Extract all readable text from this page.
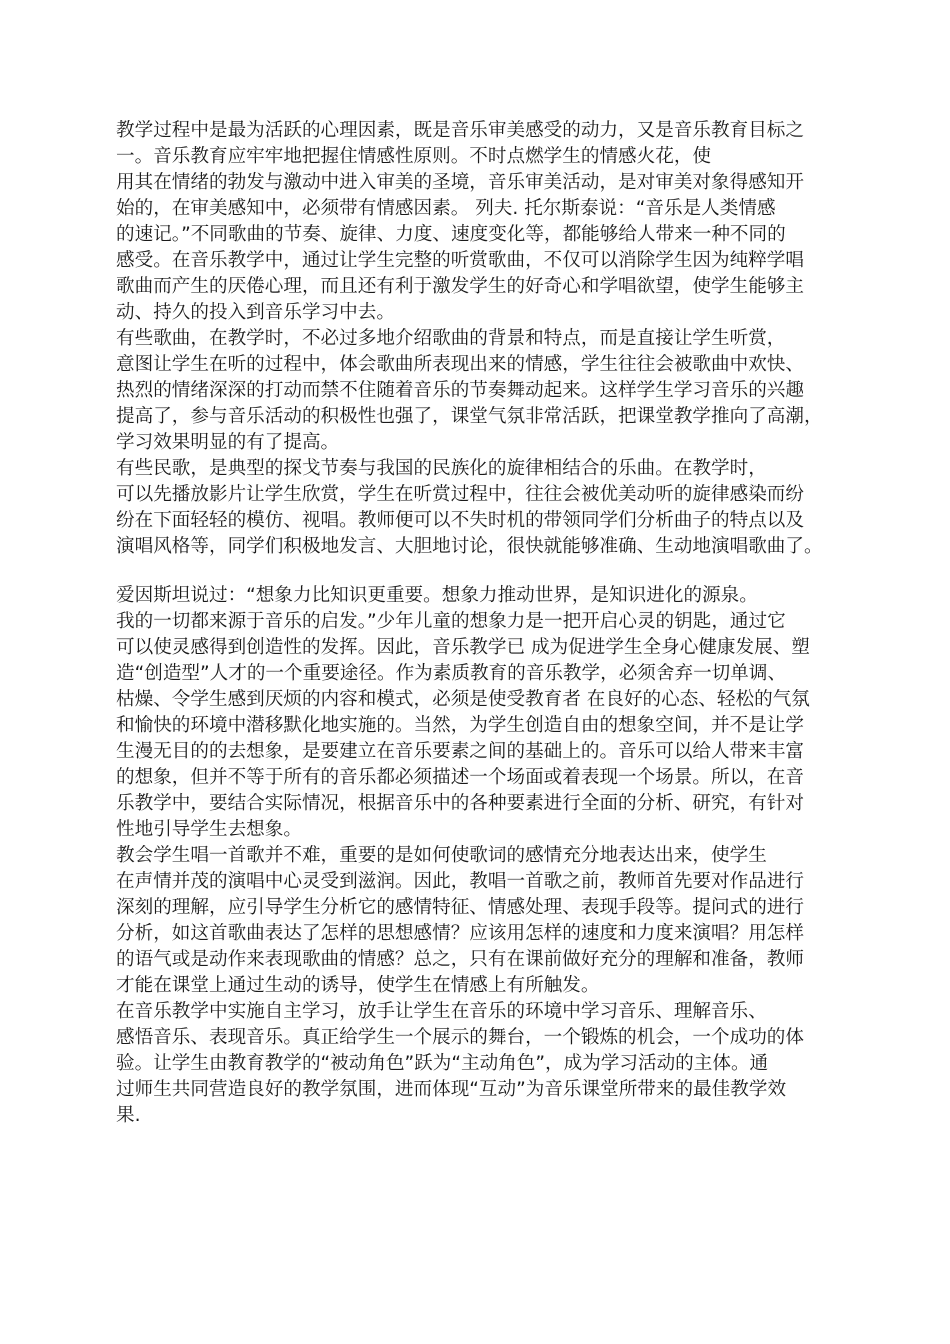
教学过程中是最为活跃的心理因素，既是音乐审美感受的动力，又是音乐教育目标之
一。音乐教育应牢牢地把握住情感性原则。不时点燃学生的情感火花，使
用其在情绪的勃发与激动中进入审美的圣境，音乐审美活动，是对审美对象得感知开
始的，在审美感知中，必须带有情感因素。 列夫. 托尔斯泰说：“音乐是人类情感
的速记。”不同歌曲的节奏、旋律、力度、速度变化等，都能够给人带来一种不同的
感受。在音乐教学中，通过让学生完整的听赏歌曲，不仅可以消除学生因为纯粹学唱
歌曲而产生的厌倦心理，而且还有利于激发学生的好奇心和学唱欲望，使学生能够主
动、持久的投入到音乐学习中去。
有些歌曲，在教学时，不必过多地介绍歌曲的背景和特点，而是直接让学生听赏，
意图让学生在听的过程中，体会歌曲所表现出来的情感，学生往往会被歌曲中欢快、
热烈的情绪深深的打动而禁不住随着音乐的节奏舞动起来。这样学生学习音乐的兴趣
提高了，参与音乐活动的积极性也强了，课堂气氛非常活跃，把课堂教学推向了高潮，
学习效果明显的有了提高。
有些民歌，是典型的探戈节奏与我国的民族化的旋律相结合的乐曲。在教学时，
可以先播放影片让学生欣赏，学生在听赏过程中，往往会被优美动听的旋律感染而纷
纷在下面轻轻的模仿、视唱。教师便可以不失时机的带领同学们分析曲子的特点以及
演唱风格等，同学们积极地发言、大胆地讨论，很快就能够准确、生动地演唱歌曲了。
爱因斯坦说过：“想象力比知识更重要。想象力推动世界，是知识进化的源泉。
我的一切都来源于音乐的启发。”少年儿童的想象力是一把开启心灵的钥匙，通过它
可以使灵感得到创造性的发挥。因此，音乐教学已 成为促进学生全身心健康发展、塑
造“创造型”人才的一个重要途径。作为素质教育的音乐教学，必须舍弃一切单调、
枯燥、令学生感到厌烦的内容和模式，必须是使受教育者 在良好的心态、轻松的气氛
和愉快的环境中潜移默化地实施的。当然，为学生创造自由的想象空间，并不是让学
生漫无目的的去想象，是要建立在音乐要素之间的基础上的。音乐可以给人带来丰富
的想象，但并不等于所有的音乐都必须描述一个场面或着表现一个场景。所以，在音
乐教学中，要结合实际情况，根据音乐中的各种要素进行全面的分析、研究，有针对
性地引导学生去想象。
教会学生唱一首歌并不难，重要的是如何使歌词的感情充分地表达出来，使学生
在声情并茂的演唱中心灵受到滋润。因此，教唱一首歌之前，教师首先要对作品进行
深刻的理解，应引导学生分析它的感情特征、情感处理、表现手段等。提问式的进行
分析，如这首歌曲表达了怎样的思想感情？应该用怎样的速度和力度来演唱？用怎样
的语气或是动作来表现歌曲的情感？总之，只有在课前做好充分的理解和准备，教师
才能在课堂上通过生动的诱导，使学生在情感上有所触发。
在音乐教学中实施自主学习，放手让学生在音乐的环境中学习音乐、理解音乐、
感悟音乐、表现音乐。真正给学生一个展示的舞台，一个锻炼的机会，一个成功的体
验。让学生由教育教学的“被动角色”跃为“主动角色”，成为学习活动的主体。通
过师生共同营造良好的教学氛围，进而体现“互动”为音乐课堂所带来的最佳教学效
果.
